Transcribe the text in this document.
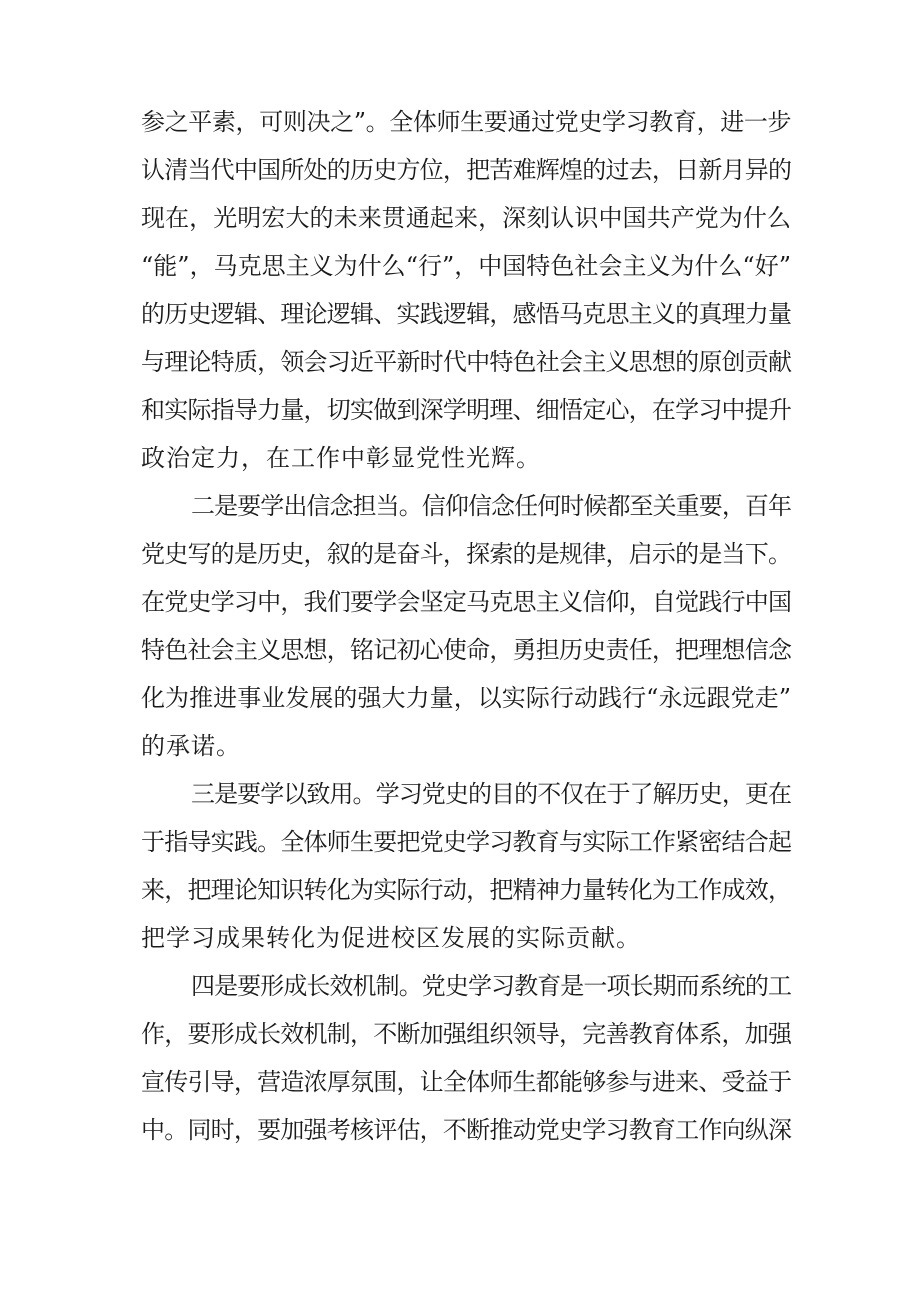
参之平素，可则决之”。全体师生要通过党史学习教育，进一步
认清当代中国所处的历史方位，把苦难辉煌的过去，日新月异的
现在，光明宏大的未来贯通起来，深刻认识中国共产党为什么
“能”，马克思主义为什么“行”，中国特色社会主义为什么“好”
的历史逻辑、理论逻辑、实践逻辑，感悟马克思主义的真理力量
与理论特质，领会习近平新时代中特色社会主义思想的原创贡献
和实际指导力量，切实做到深学明理、细悟定心，在学习中提升
政治定力，在工作中彰显党性光辉。
二是要学出信念担当。信仰信念任何时候都至关重要，百年
党史写的是历史，叙的是奋斗，探索的是规律，启示的是当下。
在党史学习中，我们要学会坚定马克思主义信仰，自觉践行中国
特色社会主义思想，铭记初心使命，勇担历史责任，把理想信念
化为推进事业发展的强大力量，以实际行动践行“永远跟党走”
的承诺。
三是要学以致用。学习党史的目的不仅在于了解历史，更在
于指导实践。全体师生要把党史学习教育与实际工作紧密结合起
来，把理论知识转化为实际行动，把精神力量转化为工作成效，
把学习成果转化为促进校区发展的实际贡献。
四是要形成长效机制。党史学习教育是一项长期而系统的工
作，要形成长效机制，不断加强组织领导，完善教育体系，加强
宣传引导，营造浓厚氛围，让全体师生都能够参与进来、受益于
中。同时，要加强考核评估，不断推动党史学习教育工作向纵深
